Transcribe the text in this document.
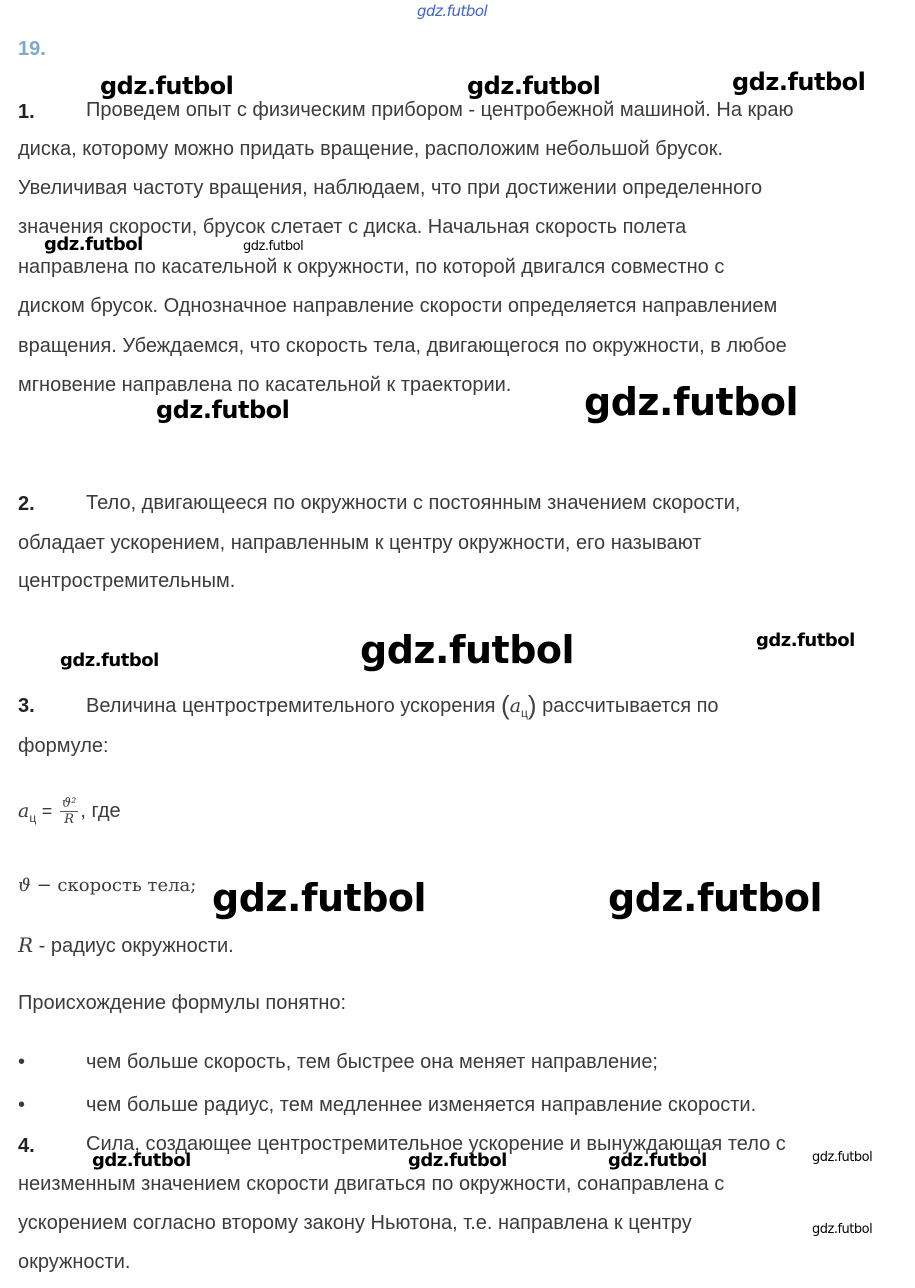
gdz.futbol
19.
1.	Проведем опыт с физическим прибором - центробежной машиной. На краю
диска, которому можно придать вращение, расположим небольшой брусок.
Увеличивая частоту вращения, наблюдаем, что при достижении определенного
значения скорости, брусок слетает с диска. Начальная скорость полета
направлена по касательной к окружности, по которой двигался совместно с
диском брусок. Однозначное направление скорости определяется направлением
вращения. Убеждаемся, что скорость тела, двигающегося по окружности, в любое
мгновение направлена по касательной к траектории.
2.	Тело, двигающееся по окружности с постоянным значением скорости,
обладает ускорением, направленным к центру окружности, его называют
центростремительным.
3.	Величина центростремительного ускорения $(a_ц)$ рассчитывается по
формуле:
$a_ц = \frac{\text{ϑ²}}{R}$ , где
ϑ − скорость тела;
R - радиус окружности.
Происхождение формулы понятно:
•	чем больше скорость, тем быстрее она меняет направление;
•	чем больше радиус, тем медленнее изменяется направление скорости.
4.	Сила, создающее центростремительное ускорение и вынуждающая тело с
неизменным значением скорости двигаться по окружности, сонаправлена с
ускорением согласно второму закону Ньютона, т.е. направлена к центру
окружности.
gdz.futbol	gdz.futbol	gdz.futbol
gdz.futbol	gdz.futbol
gdz.futbol	gdz.futbol
gdz.futbol	gdz.futbol	gdz.futbol
gdz.futbol	gdz.futbol
gdz.futbol	gdz.futbol	gdz.futbol	gdz.futbol
gdz.futbol
